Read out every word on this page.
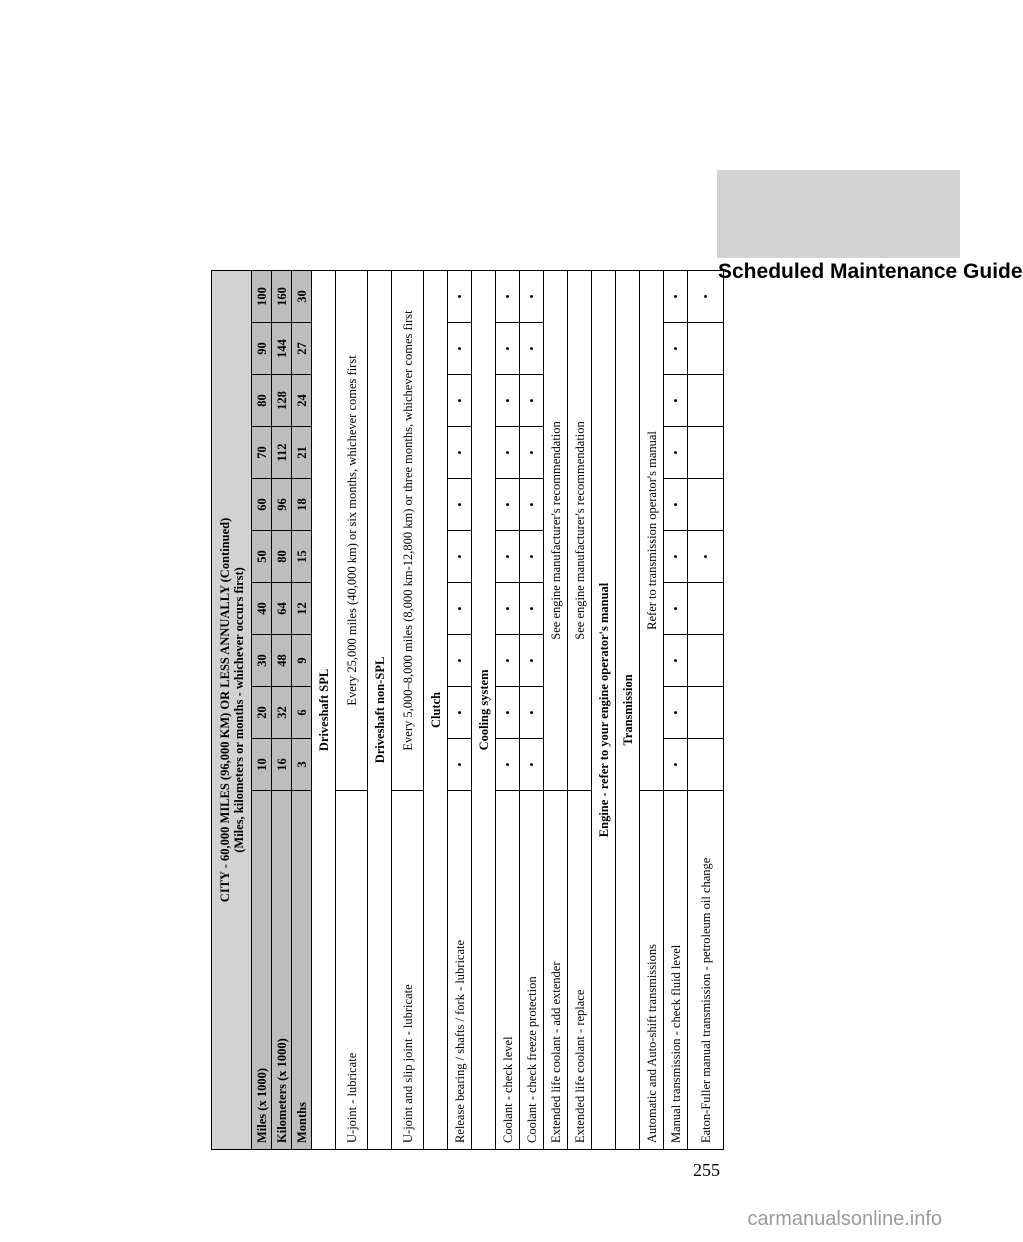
Scheduled Maintenance Guide
CITY - 60,000 MILES (96,000 KM) OR LESS ANNUALLY (Continued) (Miles, kilometers or months - whichever occurs first)										

Miles (x 1000)	10	20	30	40	50	60	70	80	90	100
Kilometers (x 1000)	16	32	48	64	80	96	112	128	144	160
Months	3	6	9	12	15	18	21	24	27	30
Driveshaft SPL										
U-joint - lubricate	Every 25,000 miles (40,000 km) or six months, whichever comes first									
Driveshaft non-SPL										
U-joint and slip joint - lubricate	Every 5,000–8,000 miles (8,000 km-12,800 km) or three months, whichever comes first									
Clutch										
Release bearing / shafts / fork - lubricate	•	•	•	•	•	•	•	•	•	•
Cooling system										
Coolant - check level	•	•	•	•	•	•	•	•	•	•
Coolant - check freeze protection	•	•	•	•	•	•	•	•	•	•
Extended life coolant - add extender	See engine manufacturer's recommendation									
Extended life coolant - replace	See engine manufacturer's recommendation									
Engine - refer to your engine operator's manual										
Transmission										
Automatic and Auto-shift transmissions	Refer to transmission operator's manual									
Manual transmission - check fluid level	•	•	•	•	•	•	•	•	•	•
Eaton-Fuller manual transmission - petroleum oil change					•					•
255
carmanualsonline.info
